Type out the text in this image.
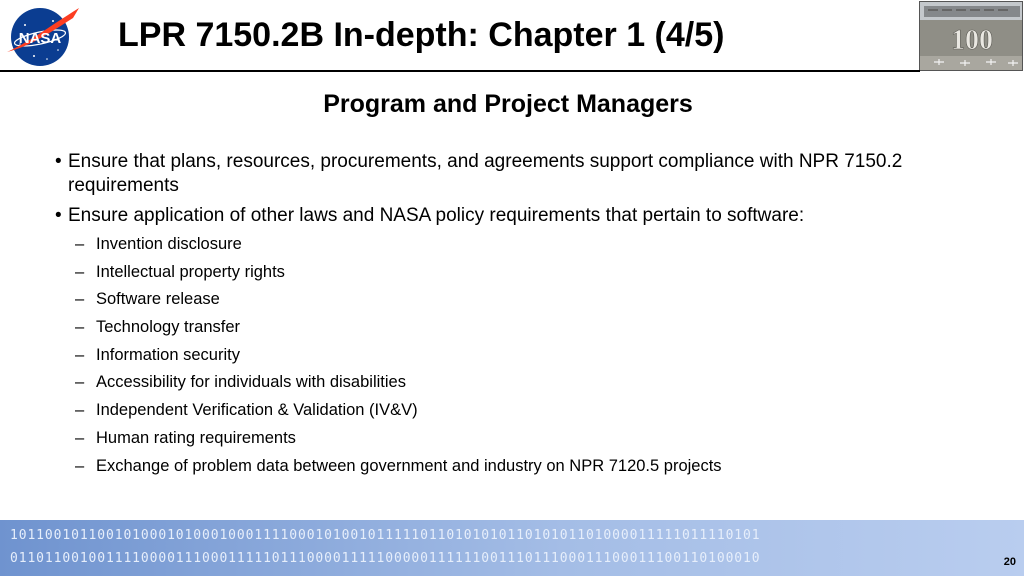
NASA LPR 7150.2B In-depth: Chapter 1 (4/5)	100
Program and Project Managers
• Ensure that plans, resources, procurements, and agreements support compliance with NPR 7150.2 requirements
• Ensure application of other laws and NASA policy requirements that pertain to software:
– Invention disclosure
– Intellectual property rights
– Software release
– Technology transfer
– Information security
– Accessibility for individuals with disabilities
– Independent Verification & Validation (IV&V)
– Human rating requirements
– Exchange of problem data between government and industry on NPR 7120.5 projects
10110010110010100010100010001111000101001011111011010101011010101101000011111011110101
01101100100111100001110001111101110000111110000011111100111011100011100011100110100010	20
